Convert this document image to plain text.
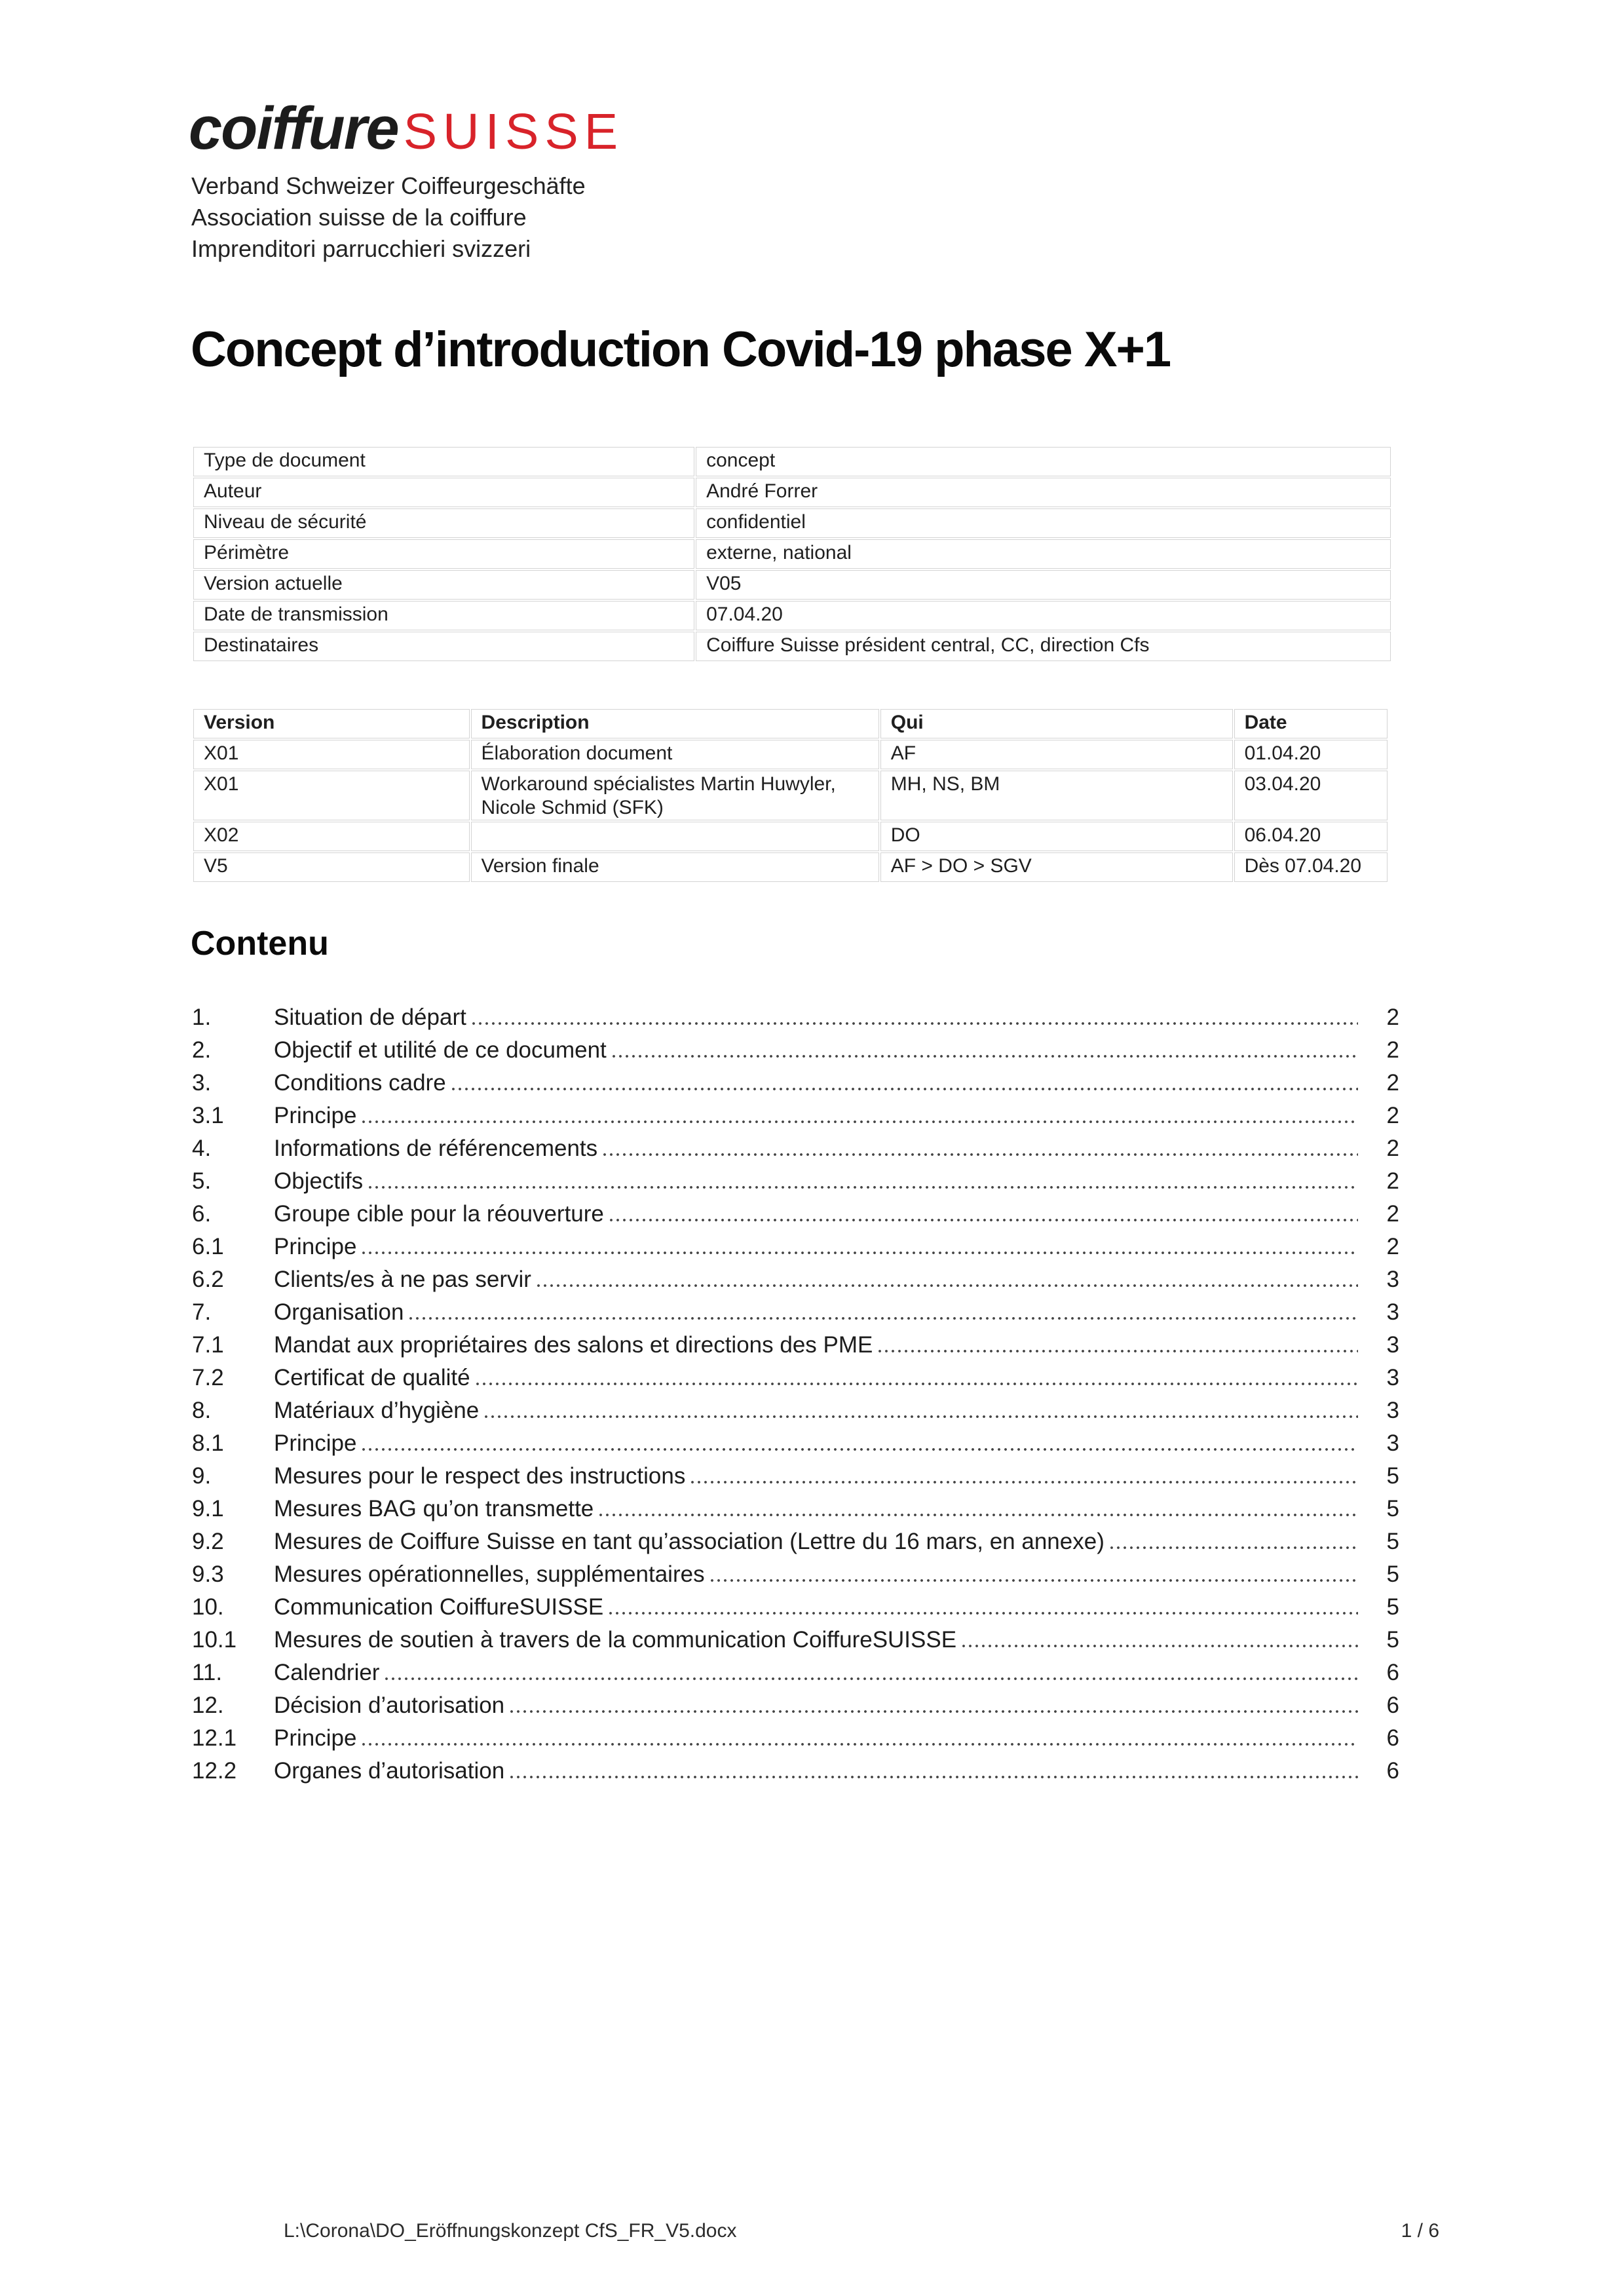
coiffure SUISSE
Verband Schweizer Coiffeurgeschäfte
Association suisse de la coiffure
Imprenditori parrucchieri svizzeri
Concept d’introduction Covid-19 phase X+1
Type de document	concept
Auteur	André Forrer
Niveau de sécurité	confidentiel
Périmètre	externe, national
Version actuelle	V05
Date de transmission	07.04.20
Destinataires	Coiffure Suisse président central, CC, direction Cfs
Version	Description	Qui	Date
X01	Élaboration document	AF	01.04.20
X01	Workaround spécialistes Martin Huwyler, Nicole Schmid (SFK)	MH, NS, BM	03.04.20
X02		DO	06.04.20
V5	Version finale	AF > DO > SGV	Dès 07.04.20
Contenu
1.	Situation de départ	2
2.	Objectif et utilité de ce document	2
3.	Conditions cadre	2
3.1	Principe	2
4.	Informations de référencements	2
5.	Objectifs	2
6.	Groupe cible pour la réouverture	2
6.1	Principe	2
6.2	Clients/es à ne pas servir	3
7.	Organisation	3
7.1	Mandat aux propriétaires des salons et directions des PME	3
7.2	Certificat de qualité	3
8.	Matériaux d’hygiène	3
8.1	Principe	3
9.	Mesures pour le respect des instructions	5
9.1	Mesures BAG qu’on transmette	5
9.2	Mesures de Coiffure Suisse en tant qu’association (Lettre du 16 mars, en annexe)	5
9.3	Mesures opérationnelles, supplémentaires	5
10.	Communication CoiffureSUISSE	5
10.1	Mesures de soutien à travers de la communication CoiffureSUISSE	5
11.	Calendrier	6
12.	Décision d’autorisation	6
12.1	Principe	6
12.2	Organes d’autorisation	6
L:\Corona\DO_Eröffnungskonzept CfS_FR_V5.docx	1 / 6
